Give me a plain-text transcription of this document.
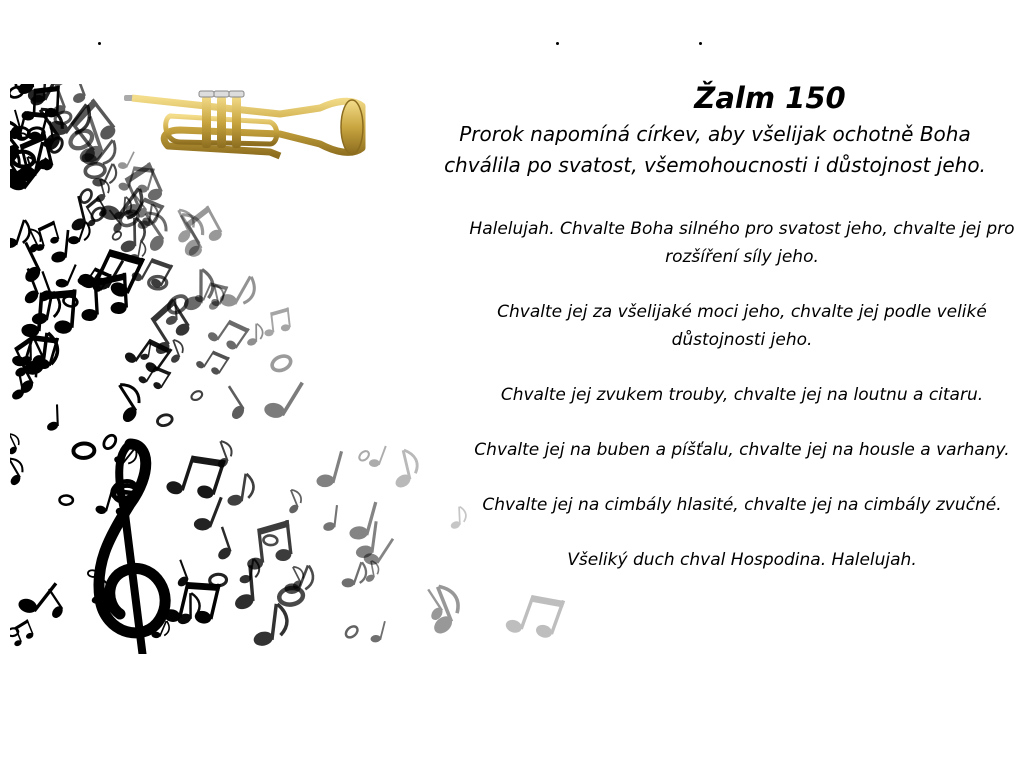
Žalm 150

Prorok napomíná církev, aby všelijak ochotně Boha chválila po svatost, všemohoucnosti i důstojnost jeho.

Halelujah. Chvalte Boha silného pro svatost jeho, chvalte jej pro rozšíření síly jeho.
Chvalte jej za všelijaké moci jeho, chvalte jej podle veliké důstojnosti jeho.
Chvalte jej zvukem trouby, chvalte jej na loutnu a citaru.
Chvalte jej na buben a píšťalu, chvalte jej na housle a varhany.
Chvalte jej na cimbály hlasité, chvalte jej na cimbály zvučné.
Všeliký duch chval Hospodina. Halelujah.
